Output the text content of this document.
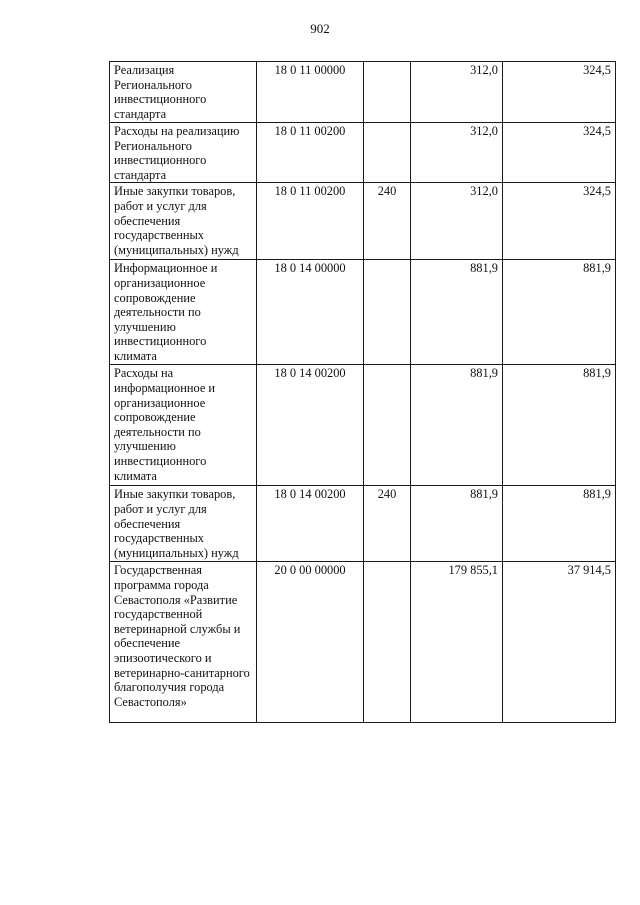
902
Реализация Регионального инвестиционного стандарта	18 0 11 00000		312,0	324,5
Расходы на реализацию Регионального инвестиционного стандарта	18 0 11 00200		312,0	324,5
Иные закупки товаров, работ и услуг для обеспечения государственных (муниципальных) нужд	18 0 11 00200	240	312,0	324,5
Информационное и организационное сопровождение деятельности по улучшению инвестиционного климата	18 0 14 00000		881,9	881,9
Расходы на информационное и организационное сопровождение деятельности по улучшению инвестиционного климата	18 0 14 00200		881,9	881,9
Иные закупки товаров, работ и услуг для обеспечения государственных (муниципальных) нужд	18 0 14 00200	240	881,9	881,9
Государственная программа города Севастополя «Развитие государственной ветеринарной службы и обеспечение эпизоотического и ветеринарно-санитарного благополучия города Севастополя»	20 0 00 00000		179 855,1	37 914,5
